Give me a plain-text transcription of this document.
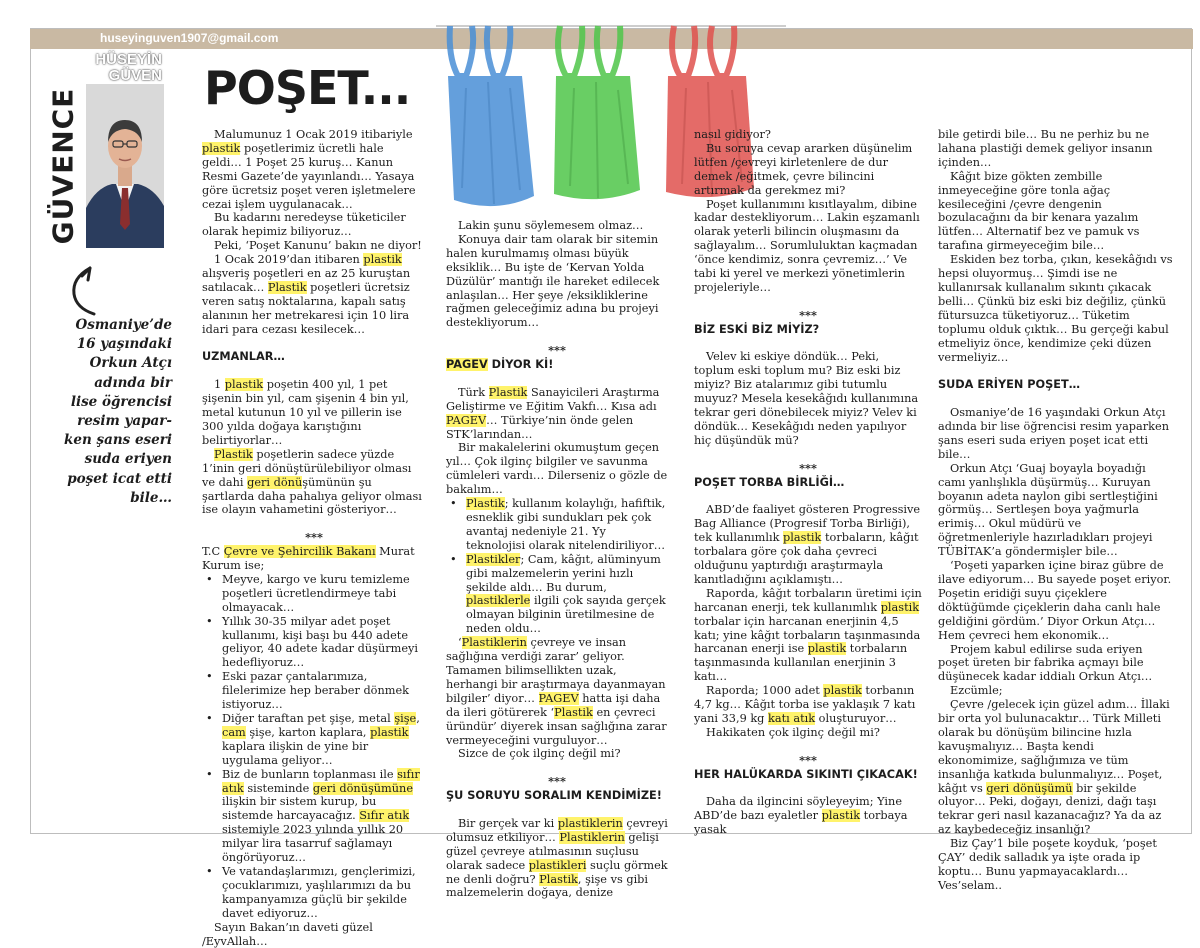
huseyinguven1907@gmail.com
GÜVENCE
HÜSEYİN
GÜVEN
Osmaniye’de
16 yaşındaki
Orkun Atçı
adında bir
lise öğrencisi
resim yapar-
ken şans eseri
suda eriyen
poşet icat etti
bile…
POŞET...

Malumunuz 1 Ocak 2019 itibariyle plastik poşetlerimiz ücretli hale geldi… 1 Poşet 25 kuruş… Kanun Resmi Gazete’de yayınlandı… Yasaya göre ücretsiz poşet veren işletmelere cezai işlem uygulanacak…

Bu kadarını neredeyse tüketiciler olarak hepimiz biliyoruz…

Peki, ‘Poşet Kanunu’ bakın ne diyor!

1 Ocak 2019’dan itibaren plastik alışveriş poşetleri en az 25 kuruştan satılacak… Plastik poşetleri ücretsiz veren satış noktalarına, kapalı satış alanının her metrekaresi için 10 lira idari para cezası kesilecek…

UZMANLAR…

1 plastik poşetin 400 yıl, 1 pet şişenin bin yıl, cam şişenin 4 bin yıl, metal kutunun 10 yıl ve pillerin ise 300 yılda doğaya karıştığını belirtiyorlar…

Plastik poşetlerin sadece yüzde 1’inin geri dönüştürülebiliyor olması ve dahi geri dönüşümünün şu şartlarda daha pahalıya geliyor olması ise olayın vahametini gösteriyor…

***

T.C Çevre ve Şehircilik Bakanı Murat Kurum ise;

• Meyve, kargo ve kuru temizleme poşetleri ücretlendirmeye tabi olmayacak…

• Yıllık 30-35 milyar adet poşet kullanımı, kişi başı bu 440 adete geliyor, 40 adete kadar düşürmeyi hedefliyoruz…

• Eski pazar çantalarımıza, filelerimize hep beraber dönmek istiyoruz…

• Diğer taraftan pet şişe, metal şişe, cam şişe, karton kaplara, plastik kaplara ilişkin de yine bir uygulama geliyor…

• Biz de bunların toplanması ile sıfır atık sisteminde geri dönüşümüne ilişkin bir sistem kurup, bu sistemde harcayacağız. Sıfır atık sistemiyle 2023 yılında yıllık 20 milyar lira tasarruf sağlamayı öngörüyoruz…

• Ve vatandaşlarımızı, gençlerimizi, çocuklarımızı, yaşlılarımızı da bu kampanyamıza güçlü bir şekilde davet ediyoruz…

Sayın Bakan’ın daveti güzel /EyvAllah…

Lakin şunu söylemesem olmaz…

Konuya dair tam olarak bir sitemin halen kurulmamış olması büyük eksiklik… Bu işte de ‘Kervan Yolda Düzülür’ mantığı ile hareket edilecek anlaşılan… Her şeye /eksikliklerine rağmen geleceğimiz adına bu projeyi destekliyorum…

***

PAGEV DİYOR Kİ!

Türk Plastik Sanayicileri Araştırma Geliştirme ve Eğitim Vakfı… Kısa adı PAGEV… Türkiye’nin önde gelen STK’larından…

Bir makalelerini okumuştum geçen yıl… Çok ilginç bilgiler ve savunma cümleleri vardı… Dilerseniz o gözle de bakalım…

• Plastik; kullanım kolaylığı, hafiftik, esneklik gibi sundukları pek çok avantaj nedeniyle 21. Yy teknolojisi olarak nitelendiriliyor…

• Plastikler; Cam, kâğıt, alüminyum gibi malzemelerin yerini hızlı şekilde aldı… Bu durum, plastiklerle ilgili çok sayıda gerçek olmayan bilginin üretilmesine de neden oldu…

‘Plastiklerin çevreye ve insan sağlığına verdiği zarar’ geliyor. Tamamen bilimsellikten uzak, herhangi bir araştırmaya dayanmayan bilgiler’ diyor… PAGEV hatta işi daha da ileri götürerek ‘Plastik en çevreci üründür’ diyerek insan sağlığına zarar vermeyeceğini vurguluyor…

Sizce de çok ilginç değil mi?

***

ŞU SORUYU SORALIM KENDİMİZE!

Bir gerçek var ki plastiklerin çevreyi olumsuz etkiliyor… Plastiklerin gelişi güzel çevreye atılmasının suçlusu olarak sadece plastikleri suçlu görmek ne denli doğru? Plastik, şişe vs gibi malzemelerin doğaya, denize

nasıl gidiyor?

Bu soruya cevap ararken düşünelim lütfen /çevreyi kirletenlere de dur demek /eğitmek, çevre bilincini artırmak da gerekmez mi?

Poşet kullanımını kısıtlayalım, dibine kadar destekliyorum… Lakin eşzamanlı olarak yeterli bilincin oluşmasını da sağlayalım… Sorumluluktan kaçmadan ‘önce kendimiz, sonra çevremiz…’ Ve tabi ki yerel ve merkezi yönetimlerin projeleriyle…

***

BİZ ESKİ BİZ MİYİZ?

Velev ki eskiye döndük… Peki, toplum eski toplum mu? Biz eski biz miyiz? Biz atalarımız gibi tutumlu muyuz? Mesela kesekâğıdı kullanımına tekrar geri dönebilecek miyiz? Velev ki döndük… Kesekâğıdı neden yapılıyor hiç düşündük mü?

***

POŞET TORBA BİRLİĞİ…

ABD’de faaliyet gösteren Progressive Bag Alliance (Progresif Torba Birliği), tek kullanımlık plastik torbaların, kâğıt torbalara göre çok daha çevreci olduğunu yaptırdığı araştırmayla kanıtladığını açıklamıştı…

Raporda, kâğıt torbaların üretimi için harcanan enerji, tek kullanımlık plastik torbalar için harcanan enerjinin 4,5 katı; yine kâğıt torbaların taşınmasında harcanan enerji ise plastik torbaların taşınmasında kullanılan enerjinin 3 katı…

Raporda; 1000 adet plastik torbanın 4,7 kg… Kâğıt torba ise yaklaşık 7 katı yani 33,9 kg katı atık oluşturuyor…

Hakikaten çok ilginç değil mi?

***

HER HALÜKARDA SIKINTI ÇIKACAK!

Daha da ilgincini söyleyeyim; Yine ABD’de bazı eyaletler plastik torbaya yasak

bile getirdi bile… Bu ne perhiz bu ne lahana plastiği demek geliyor insanın içinden…

Kâğıt bize gökten zembille inmeyeceğine göre tonla ağaç kesileceğini /çevre dengenin bozulacağını da bir kenara yazalım lütfen… Alternatif bez ve pamuk vs tarafına girmeyeceğim bile…

Eskiden bez torba, çıkın, kesekâğıdı vs hepsi oluyormuş… Şimdi ise ne kullanırsak kullanalım sıkıntı çıkacak belli… Çünkü biz eski biz değiliz, çünkü fütursuzca tüketiyoruz… Tüketim toplumu olduk çıktık… Bu gerçeği kabul etmeliyiz önce, kendimize çeki düzen vermeliyiz…

SUDA ERİYEN POŞET…

Osmaniye’de 16 yaşındaki Orkun Atçı adında bir lise öğrencisi resim yaparken şans eseri suda eriyen poşet icat etti bile…

Orkun Atçı ‘Guaj boyayla boyadığı camı yanlışlıkla düşürmüş… Kuruyan boyanın adeta naylon gibi sertleştiğini görmüş… Sertleşen boya yağmurla erimiş… Okul müdürü ve öğretmenleriyle hazırladıkları projeyi TÜBİTAK’a göndermişler bile…

‘Poşeti yaparken içine biraz gübre de ilave ediyorum… Bu sayede poşet eriyor. Poşetin eridiği suyu çiçeklere döktüğümde çiçeklerin daha canlı hale geldiğini gördüm.’ Diyor Orkun Atçı… Hem çevreci hem ekonomik…

Projem kabul edilirse suda eriyen poşet üreten bir fabrika açmayı bile düşünecek kadar iddialı Orkun Atçı…

Ezcümle;

Çevre /gelecek için güzel adım… İllaki bir orta yol bulunacaktır… Türk Milleti olarak bu dönüşüm bilincine hızla kavuşmalıyız… Başta kendi ekonomimize, sağlığımıza ve tüm insanlığa katkıda bulunmalıyız… Poşet, kâğıt vs geri dönüşümü bir şekilde oluyor… Peki, doğayı, denizi, dağı taşı tekrar geri nasıl kazanacağız? Ya da az az kaybedeceğiz insanlığı?

Biz Çay’1 bile poşete koyduk, ‘poşet ÇAY’ dedik salladık ya işte orada ip koptu… Bunu yapmayacaklardı… Ves’selam..
